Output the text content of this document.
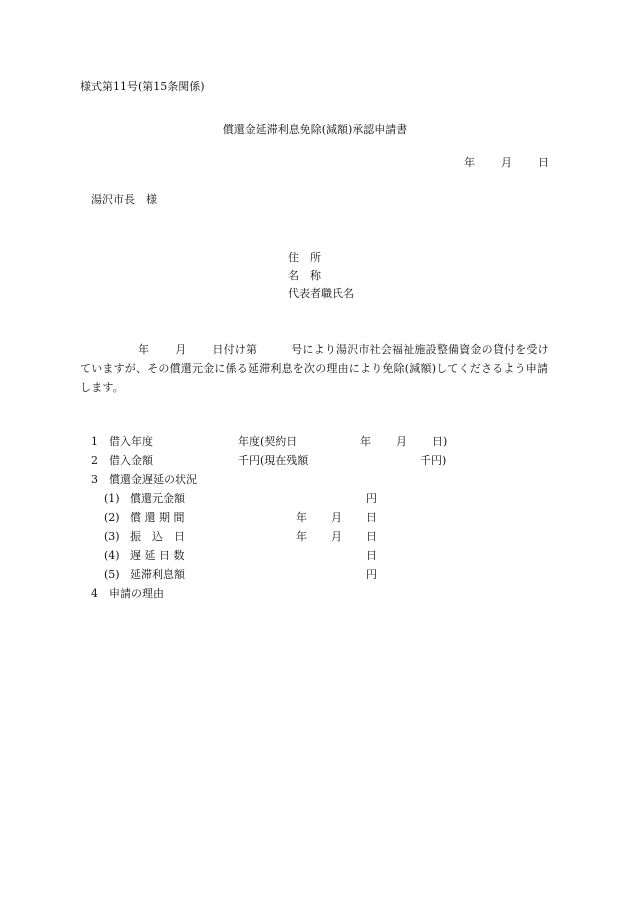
様式第11号(第15条関係)
償還金延滞利息免除(減額)承認申請書
年 月 日
湯沢市長　様
住　所
名　称
代表者職氏名
年 月 日付け第	号により湯沢市社会福祉施設整備資金の貸付を受けていますが、その償還元金に係る延滞利息を次の理由により免除(減額)してくださるよう申請します。
1 借入年度	年度(契約日	年 月 日)
2 借入金額	千円(現在残額	千円)
3 償還金遅延の状況
(1) 償還元金額	円
(2) 償 還 期 間	年 月 日
(3) 振　込　日	年 月 日
(4) 遅 延 日 数	日
(5) 延滞利息額	円
4 申請の理由
